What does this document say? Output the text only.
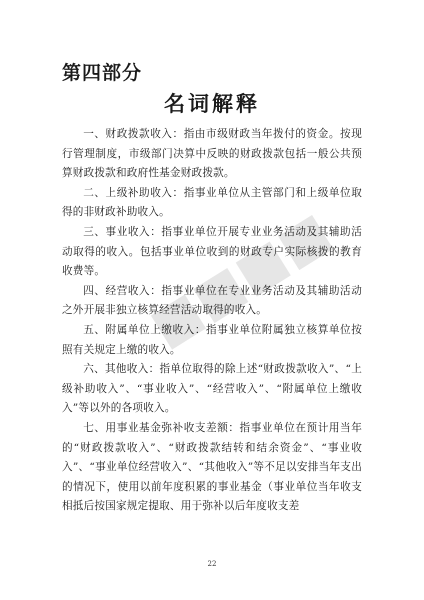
第四部分
名词解释

一、财政拨款收入：指由市级财政当年拨付的资金。按现行管理制度，市级部门决算中反映的财政拨款包括一般公共预算财政拨款和政府性基金财政拨款。

二、上级补助收入：指事业单位从主管部门和上级单位取得的非财政补助收入。

三、事业收入：指事业单位开展专业业务活动及其辅助活动取得的收入。包括事业单位收到的财政专户实际核拨的教育收费等。

四、经营收入：指事业单位在专业业务活动及其辅助活动之外开展非独立核算经营活动取得的收入。

五、附属单位上缴收入：指事业单位附属独立核算单位按照有关规定上缴的收入。

六、其他收入：指单位取得的除上述“财政拨款收入”、“上级补助收入”、“事业收入”、“经营收入”、“附属单位上缴收入”等以外的各项收入。

七、用事业基金弥补收支差额：指事业单位在预计用当年的“财政拨款收入”、“财政拨款结转和结余资金”、“事业收入”、“事业单位经营收入”、“其他收入”等不足以安排当年支出的情况下，使用以前年度积累的事业基金（事业单位当年收支相抵后按国家规定提取、用于弥补以后年度收支差

22
